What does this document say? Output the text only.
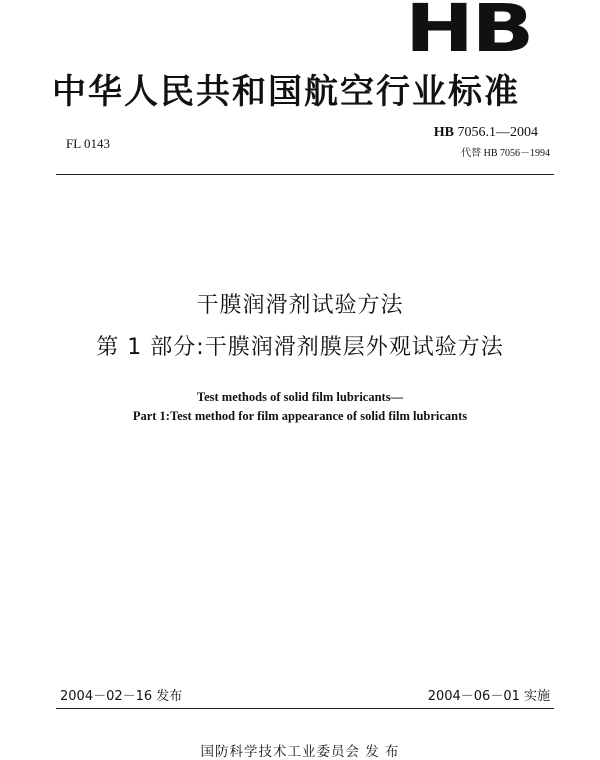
HB
中华人民共和国航空行业标准
FL 0143
HB 7056.1—2004
代替 HB 7056－1994
干膜润滑剂试验方法
第 1 部分:干膜润滑剂膜层外观试验方法
Test methods of solid film lubricants—
Part 1:Test method for film appearance of solid film lubricants
2004－02－16 发布	2004－06－01 实施
国防科学技术工业委员会 发 布
